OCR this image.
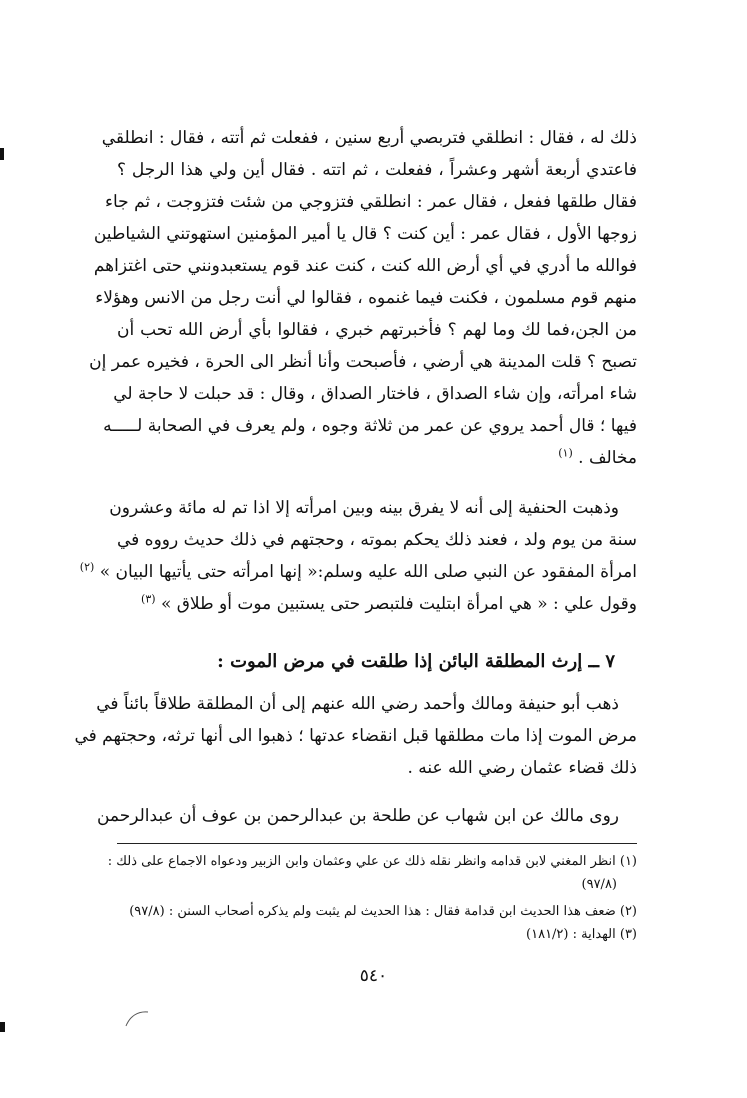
ذلك له ، فقال : انطلقي فتربصي أربع سنين ، ففعلت ثم أتته ، فقال : انطلقي
فاعتدي أربعة أشهر وعشراً ، ففعلت ، ثم اتته . فقال أين ولي هذا الرجل ؟
فقال طلقها ففعل ، فقال عمر : انطلقي فتزوجي من شئت فتزوجت ، ثم جاء
زوجها الأول ، فقال عمر : أين كنت ؟ قال يا أمير المؤمنين استهوتني الشياطين
فوالله ما أدري في أي أرض الله كنت ، كنت عند قوم يستعبدونني حتى اغتزاهم
منهم قوم مسلمون ، فكنت فيما غنموه ، فقالوا لي أنت رجل من الانس وهؤلاء
من الجن،فما لك وما لهم ؟ فأخبرتهم خبري ، فقالوا بأي أرض الله تحب أن
تصبح ؟ قلت المدينة هي أرضي ، فأصبحت وأنا أنظر الى الحرة ، فخيره عمر إن
شاء امرأته، وإن شاء الصداق ، فاختار الصداق ، وقال : قد حبلت لا حاجة لي
فيها ؛ قال أحمد يروي عن عمر من ثلاثة وجوه ، ولم يعرف في الصحابة لـــــه
مخالف . $^{(١)}$
وذهبت الحنفية إلى أنه لا يفرق بينه وبين امرأته إلا اذا تم له مائة وعشرون
سنة من يوم ولد ، فعند ذلك يحكم بموته ، وحجتهم في ذلك حديث رووه في
امرأة المفقود عن النبي صلى الله عليه وسلم:« إنها امرأته حتى يأتيها البيان » $^{(٢)}$
وقول علي : « هي امرأة ابتليت فلتبصر حتى يستبين موت أو طلاق » $^{(٣)}$
٧ ــ إرث المطلقة البائن إذا طلقت في مرض الموت :
ذهب أبو حنيفة ومالك وأحمد رضي الله عنهم إلى أن المطلقة طلاقاً بائناً في
مرض الموت إذا مات مطلقها قبل انقضاء عدتها ؛ ذهبوا الى أنها ترثه، وحجتهم في
ذلك قضاء عثمان رضي الله عنه .
روى مالك عن ابن شهاب عن طلحة بن عبدالرحمن بن عوف أن عبدالرحمن
(١) انظر المغني لابن قدامه وانظر نقله ذلك عن علي وعثمان وابن الزبير ودعواه الاجماع على ذلك :
(٩٧/٨)
(٢) ضعف هذا الحديث ابن قدامة فقال : هذا الحديث لم يثبت ولم يذكره أصحاب السنن : (٩٧/٨)
(٣) الهداية : (١٨١/٢)
٥٤٠
